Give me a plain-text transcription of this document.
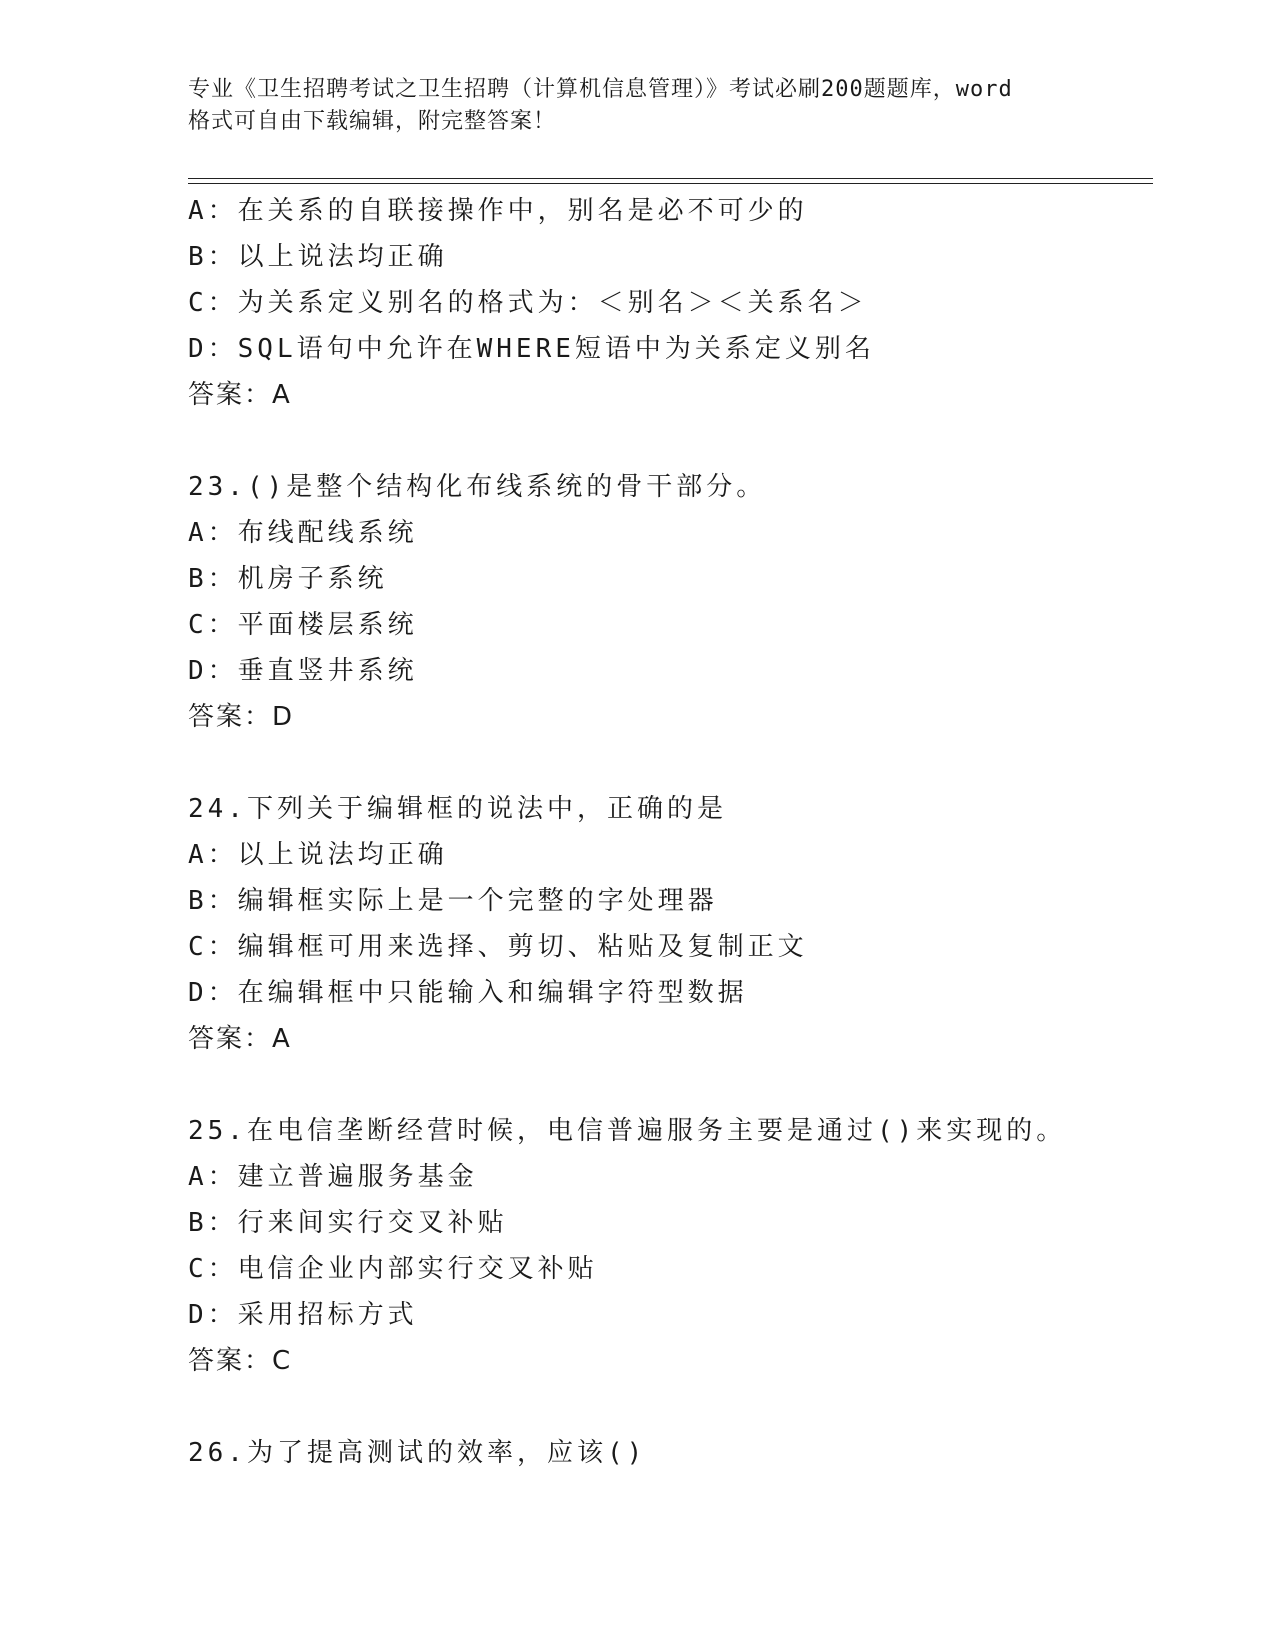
专业《卫生招聘考试之卫生招聘（计算机信息管理）》考试必刷200题题库，word
格式可自由下载编辑，附完整答案！
A：在关系的自联接操作中，别名是必不可少的
B：以上说法均正确
C：为关系定义别名的格式为：＜别名＞＜关系名＞
D：SQL语句中允许在WHERE短语中为关系定义别名
答案：A
23.()是整个结构化布线系统的骨干部分。
A：布线配线系统
B：机房子系统
C：平面楼层系统
D：垂直竖井系统
答案：D
24.下列关于编辑框的说法中，正确的是
A：以上说法均正确
B：编辑框实际上是一个完整的字处理器
C：编辑框可用来选择、剪切、粘贴及复制正文
D：在编辑框中只能输入和编辑字符型数据
答案：A
25.在电信垄断经营时候，电信普遍服务主要是通过()来实现的。
A：建立普遍服务基金
B：行来间实行交叉补贴
C：电信企业内部实行交叉补贴
D：采用招标方式
答案：C
26.为了提高测试的效率，应该()
